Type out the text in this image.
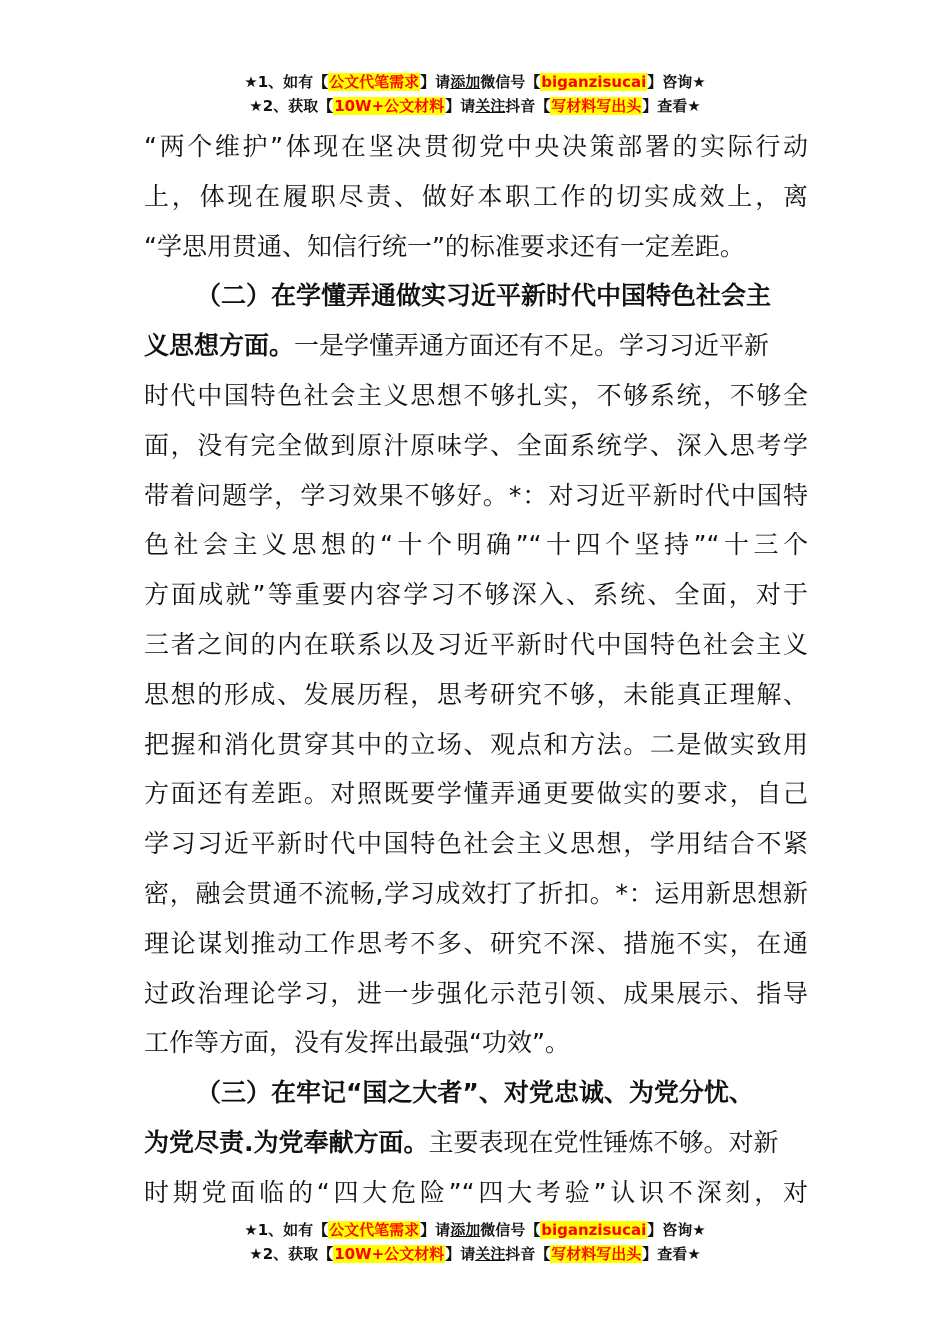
★1、如有【公文代笔需求】请添加微信号【biganzisucai】咨询★
★2、获取【10W+公文材料】请关注抖音【写材料写出头】查看★
“两个维护”体现在坚决贯彻党中央决策部署的实际行动
上，体现在履职尽责、做好本职工作的切实成效上，离
“学思用贯通、知信行统一”的标准要求还有一定差距。
（二）在学懂弄通做实习近平新时代中国特色社会主
义思想方面。一是学懂弄通方面还有不足。学习习近平新
时代中国特色社会主义思想不够扎实，不够系统，不够全
面，没有完全做到原汁原味学、全面系统学、深入思考学
带着问题学，学习效果不够好。*：对习近平新时代中国特
色社会主义思想的“十个明确”“十四个坚持”“十三个
方面成就”等重要内容学习不够深入、系统、全面，对于
三者之间的内在联系以及习近平新时代中国特色社会主义
思想的形成、发展历程，思考研究不够，未能真正理解、
把握和消化贯穿其中的立场、观点和方法。二是做实致用
方面还有差距。对照既要学懂弄通更要做实的要求，自己
学习习近平新时代中国特色社会主义思想，学用结合不紧
密，融会贯通不流畅,学习成效打了折扣。*：运用新思想新
理论谋划推动工作思考不多、研究不深、措施不实，在通
过政治理论学习，进一步强化示范引领、成果展示、指导
工作等方面，没有发挥出最强“功效”。
（三）在牢记“国之大者”、对党忠诚、为党分忧、
为党尽责.为党奉献方面。主要表现在党性锤炼不够。对新
时期党面临的“四大危险”“四大考验”认识不深刻，对
★1、如有【公文代笔需求】请添加微信号【biganzisucai】咨询★
★2、获取【10W+公文材料】请关注抖音【写材料写出头】查看★
